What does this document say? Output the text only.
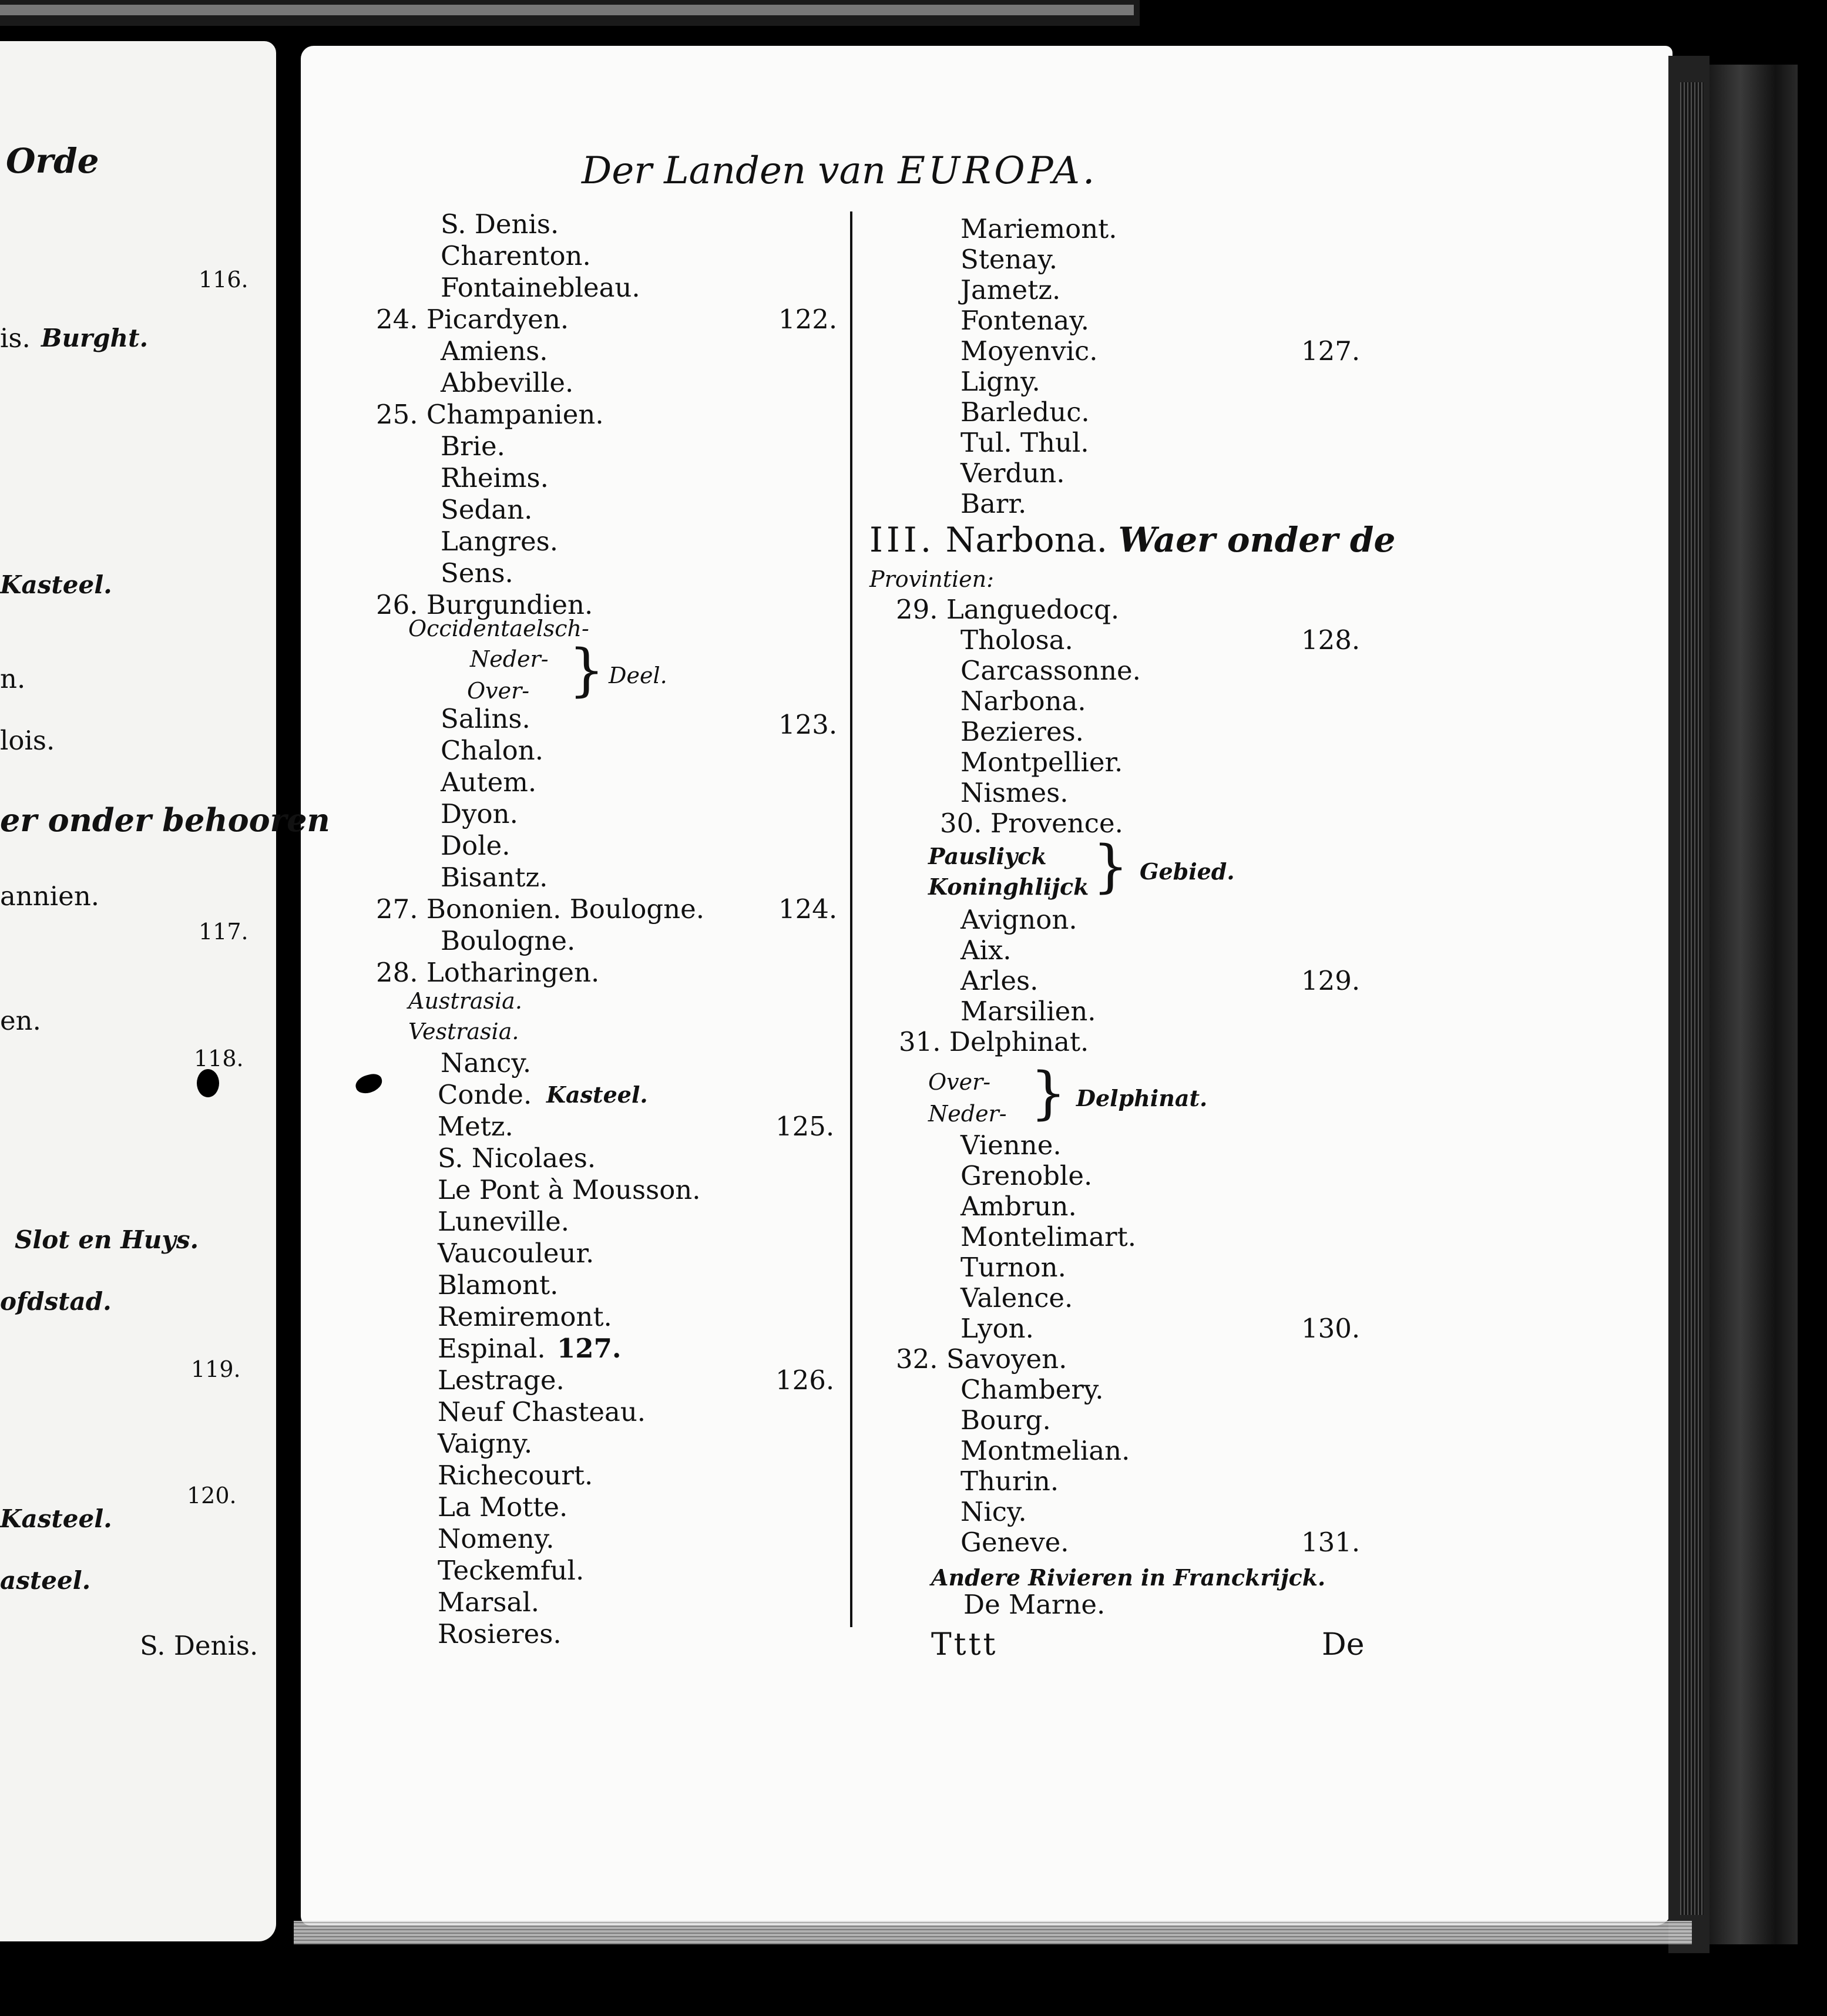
Der Landen van EUROPA.
III. Narbona. Waer onder de
}
}
}
S. Denis.
Charenton.
Fontainebleau.
24. Picardyen.
Amiens.
Abbeville.
25. Champanien.
Brie.
Rheims.
Sedan.
Langres.
Sens.
26. Burgundien.
Occidentaelsch-
Neder-
Over-
Salins.
Chalon.
Autem.
Dyon.
Dole.
Bisantz.
27. Bononien. Boulogne.
Boulogne.
28. Lotharingen.
Austrasia.
Vestrasia.
Nancy.
Conde.
Metz.
S. Nicolaes.
Le Pont à Mousson.
Luneville.
Vaucouleur.
Blamont.
Remiremont.
Espinal.
Lestrage.
Neuf Chasteau.
Vaigny.
Richecourt.
La Motte.
Nomeny.
Teckemful.
Marsal.
Rosieres.
Deel.
Kasteel.
127.
122.
123.
124.
125.
126.
Mariemont.
Stenay.
Jametz.
Fontenay.
Moyenvic.
Ligny.
Barleduc.
Tul. Thul.
Verdun.
Barr.
Provintien:
29. Languedocq.
Tholosa.
Carcassonne.
Narbona.
Bezieres.
Montpellier.
Nismes.
30. Provence.
Pausliyck
Koninghlijck
Avignon.
Aix.
Arles.
Marsilien.
31. Delphinat.
Over-
Neder-
Vienne.
Grenoble.
Ambrun.
Montelimart.
Turnon.
Valence.
Lyon.
32. Savoyen.
Chambery.
Bourg.
Montmelian.
Thurin.
Nicy.
Geneve.
Andere Rivieren in Franckrijck.
De Marne.
127.
128.
129.
130.
131.
Gebied.
Delphinat.
Orde
116.
is. Burght.
Kasteel.
n.
lois.
er onder behooren
annien.
117.
en.
118.
Slot en Huys.
ofdstad.
119.
120.
Kasteel.
asteel.
S. Denis.	Tttt	De
